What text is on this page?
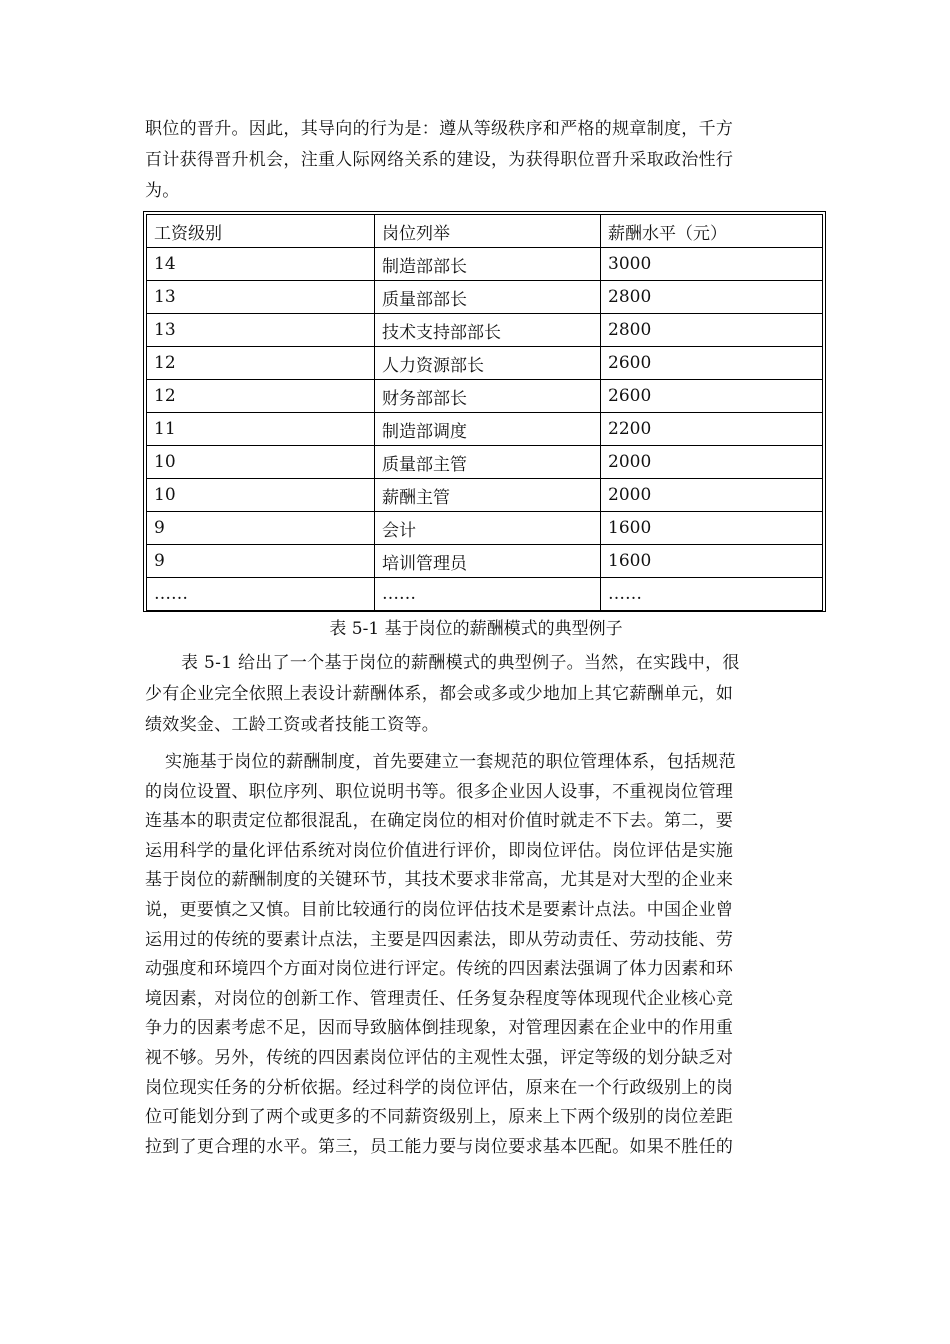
职位的晋升。因此，其导向的行为是：遵从等级秩序和严格的规章制度，千方
百计获得晋升机会，注重人际网络关系的建设，为获得职位晋升采取政治性行
为。

工资级别	岗位列举	薪酬水平（元）
14	制造部部长	3000
13	质量部部长	2800
13	技术支持部部长	2800
12	人力资源部长	2600
12	财务部部长	2600
11	制造部调度	2200
10	质量部主管	2000
10	薪酬主管	2000
9	会计	1600
9	培训管理员	1600
……	……	……
表 5-1 基于岗位的薪酬模式的典型例子

表 5-1 给出了一个基于岗位的薪酬模式的典型例子。当然，在实践中，很
少有企业完全依照上表设计薪酬体系，都会或多或少地加上其它薪酬单元，如
绩效奖金、工龄工资或者技能工资等。

实施基于岗位的薪酬制度，首先要建立一套规范的职位管理体系，包括规范
的岗位设置、职位序列、职位说明书等。很多企业因人设事，不重视岗位管理
连基本的职责定位都很混乱，在确定岗位的相对价值时就走不下去。第二，要
运用科学的量化评估系统对岗位价值进行评价，即岗位评估。岗位评估是实施
基于岗位的薪酬制度的关键环节，其技术要求非常高，尤其是对大型的企业来
说，更要慎之又慎。目前比较通行的岗位评估技术是要素计点法。中国企业曾
运用过的传统的要素计点法，主要是四因素法，即从劳动责任、劳动技能、劳
动强度和环境四个方面对岗位进行评定。传统的四因素法强调了体力因素和环
境因素，对岗位的创新工作、管理责任、任务复杂程度等体现现代企业核心竞
争力的因素考虑不足，因而导致脑体倒挂现象，对管理因素在企业中的作用重
视不够。另外，传统的四因素岗位评估的主观性太强，评定等级的划分缺乏对
岗位现实任务的分析依据。经过科学的岗位评估，原来在一个行政级别上的岗
位可能划分到了两个或更多的不同薪资级别上，原来上下两个级别的岗位差距
拉到了更合理的水平。第三，员工能力要与岗位要求基本匹配。如果不胜任的
